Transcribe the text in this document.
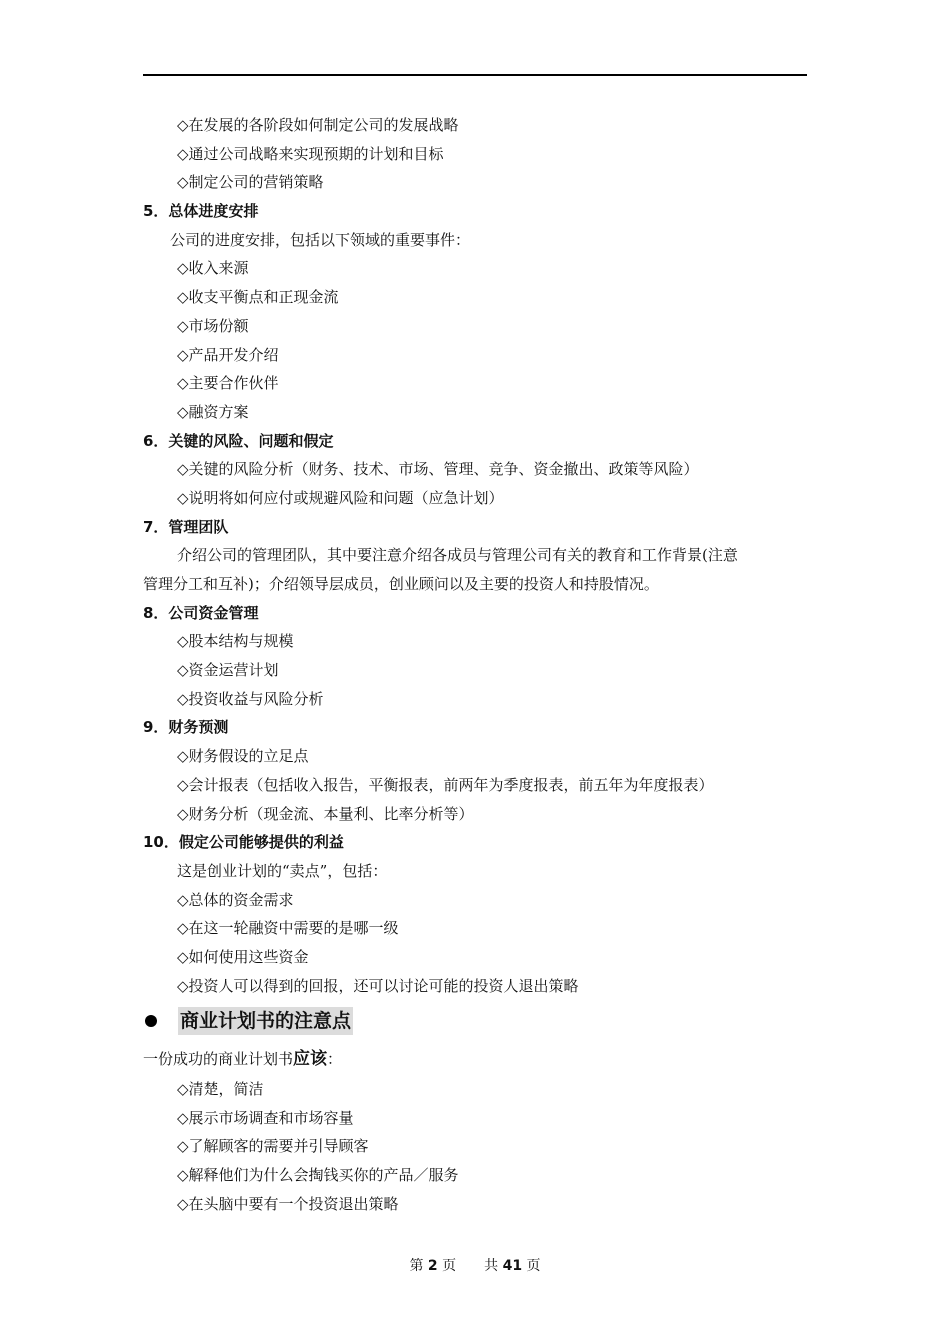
◇在发展的各阶段如何制定公司的发展战略
◇通过公司战略来实现预期的计划和目标
◇制定公司的营销策略
5．总体进度安排
公司的进度安排，包括以下领域的重要事件：
◇收入来源
◇收支平衡点和正现金流
◇市场份额
◇产品开发介绍
◇主要合作伙伴
◇融资方案
6．关键的风险、问题和假定
◇关键的风险分析（财务、技术、市场、管理、竞争、资金撤出、政策等风险）
◇说明将如何应付或规避风险和问题（应急计划）
7．管理团队
介绍公司的管理团队，其中要注意介绍各成员与管理公司有关的教育和工作背景(注意
管理分工和互补)；介绍领导层成员，创业顾问以及主要的投资人和持股情况。
8．公司资金管理
◇股本结构与规模
◇资金运营计划
◇投资收益与风险分析
9．财务预测
◇财务假设的立足点
◇会计报表（包括收入报告，平衡报表，前两年为季度报表，前五年为年度报表）
◇财务分析（现金流、本量利、比率分析等）
10．假定公司能够提供的利益
这是创业计划的“卖点”，包括：
◇总体的资金需求
◇在这一轮融资中需要的是哪一级
◇如何使用这些资金
◇投资人可以得到的回报，还可以讨论可能的投资人退出策略
商业计划书的注意点
一份成功的商业计划书应该：
◇清楚，简洁
◇展示市场调查和市场容量
◇了解顾客的需要并引导顾客
◇解释他们为什么会掏钱买你的产品／服务
◇在头脑中要有一个投资退出策略
第 2 页　　共 41 页
